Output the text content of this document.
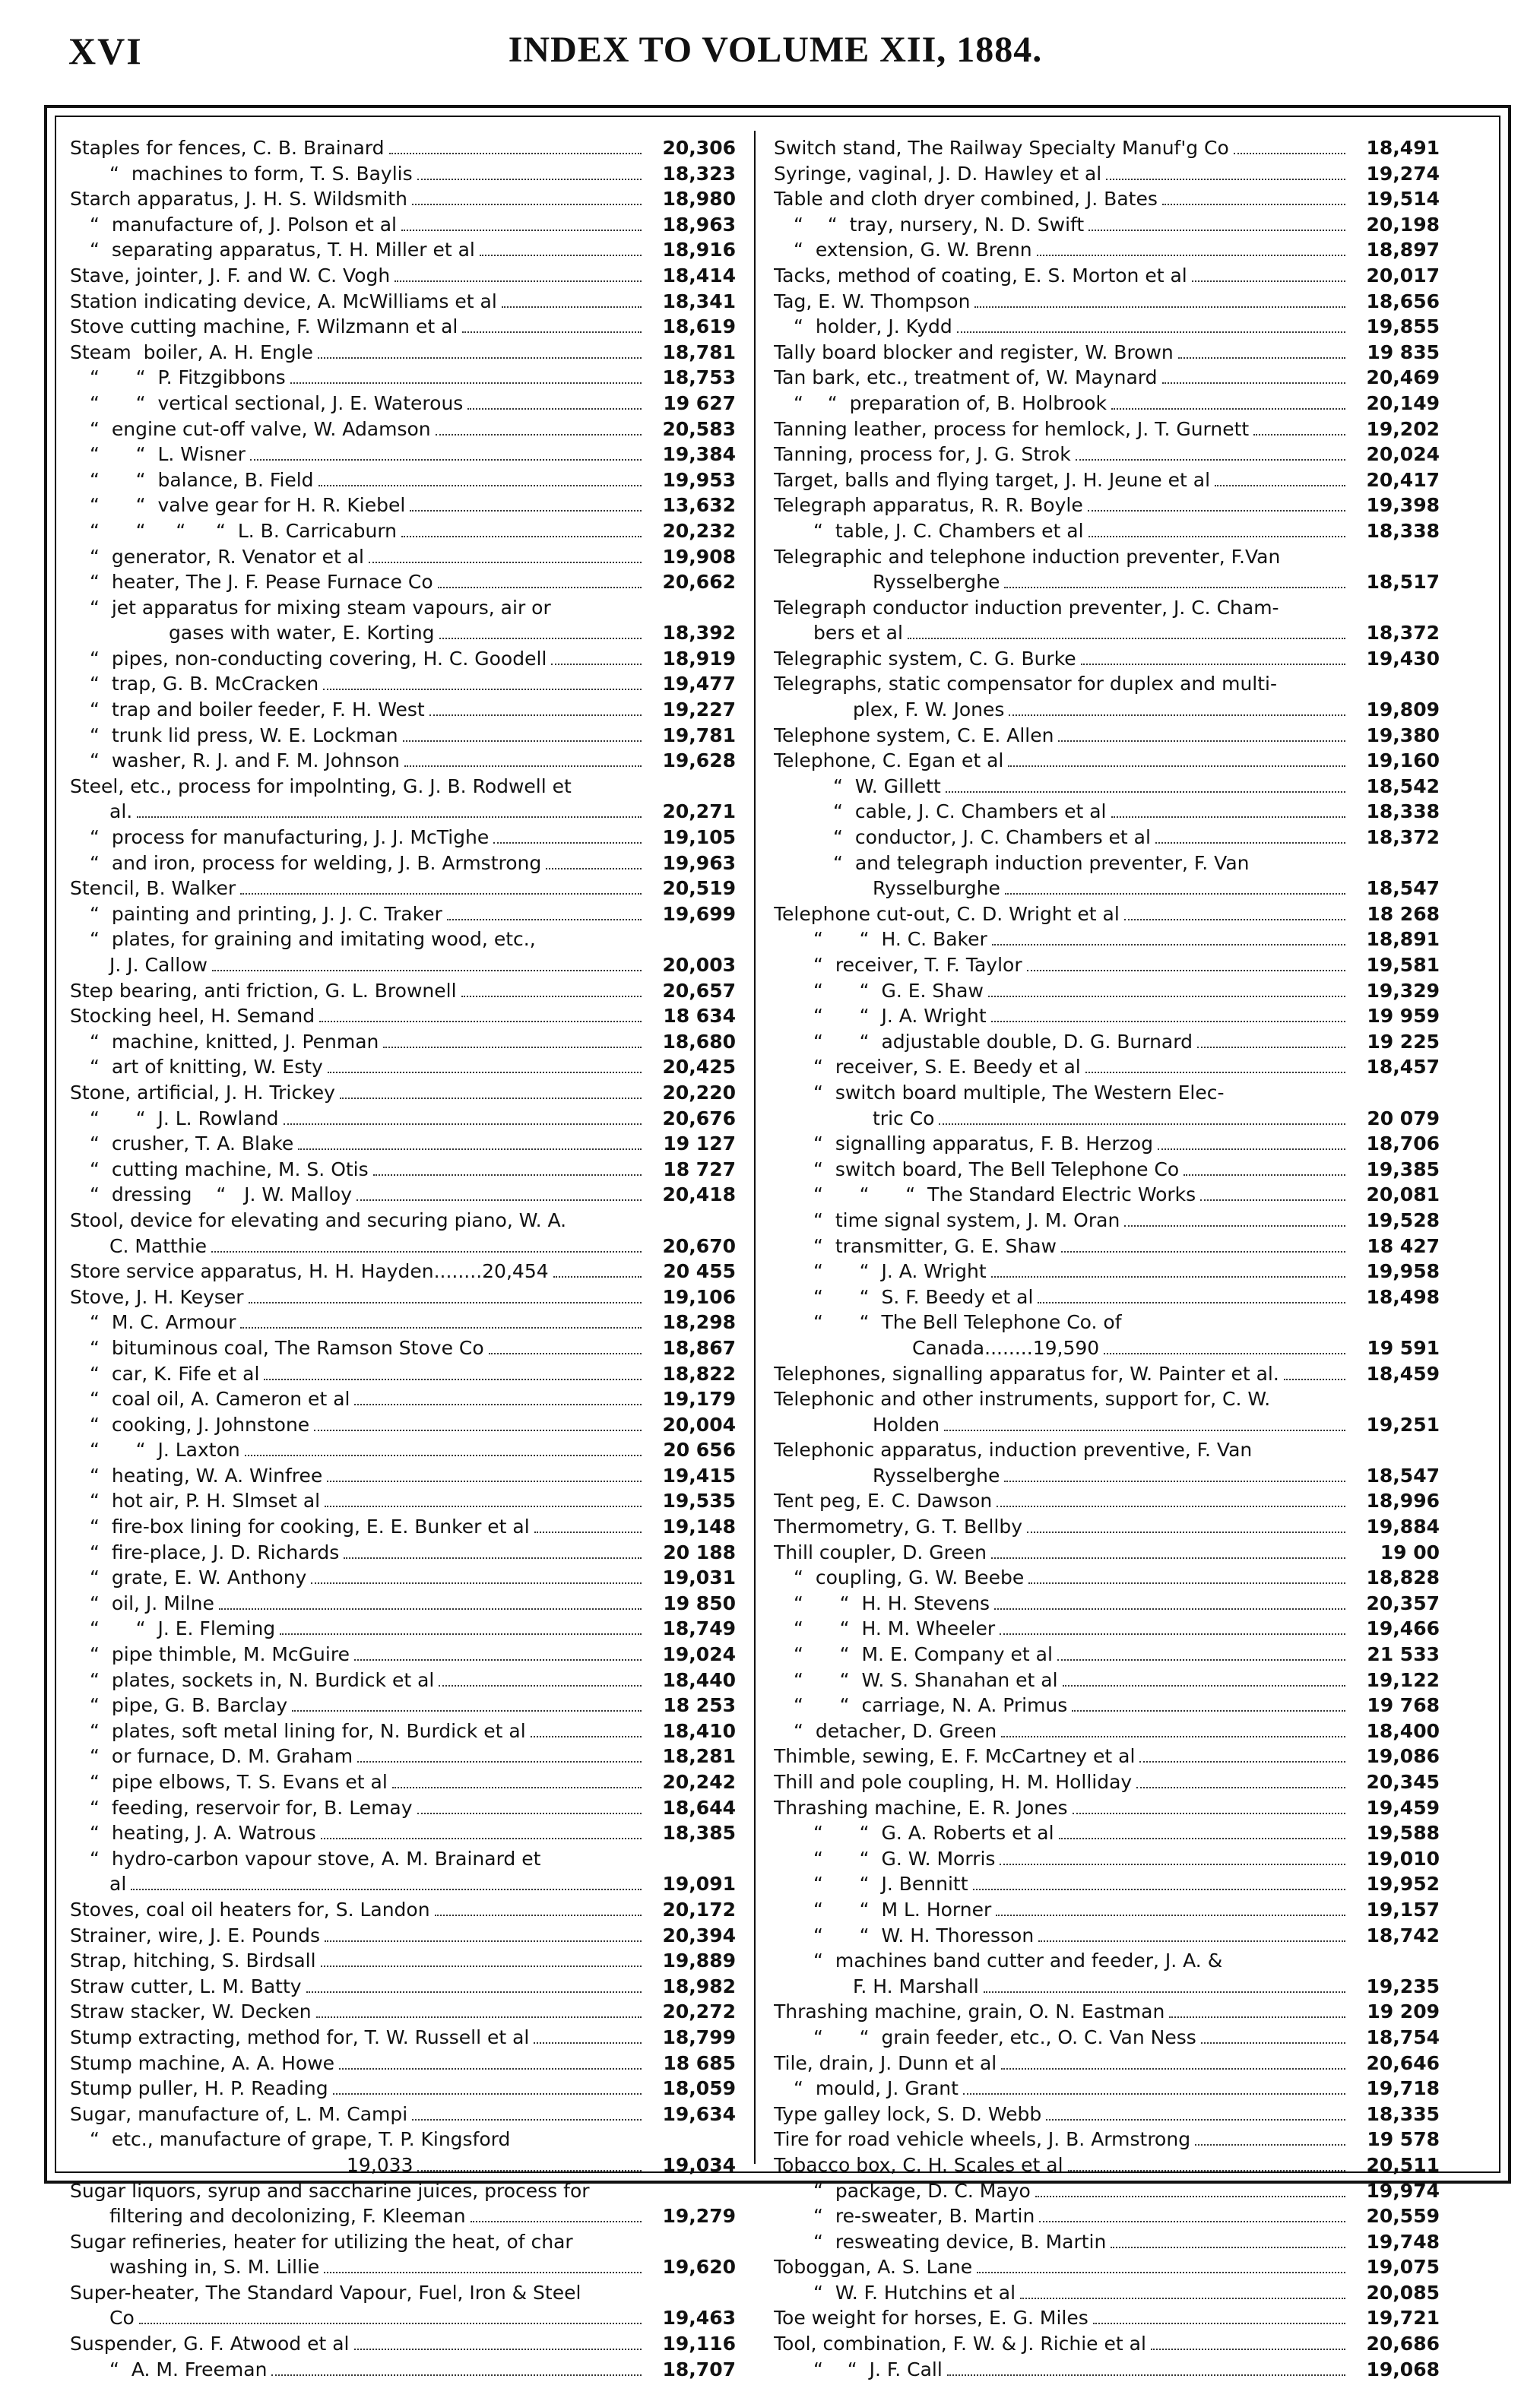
XVI	INDEX TO VOLUME XII, 1884.
Staples for fences, C. B. Brainard	20,306
“  machines to form, T. S. Baylis	18,323
Starch apparatus, J. H. S. Wildsmith	18,980
“  manufacture of, J. Polson et al	18,963
“  separating apparatus, T. H. Miller et al	18,916
Stave, jointer, J. F. and W. C. Vogh	18,414
Station indicating device, A. McWilliams et al	18,341
Stove cutting machine, F. Wilzmann et al	18,619
Steam  boiler, A. H. Engle	18,781
“      “  P. Fitzgibbons	18,753
“      “  vertical sectional, J. E. Waterous	19 627
“  engine cut-off valve, W. Adamson	20,583
“      “  L. Wisner	19,384
“      “  balance, B. Field	19,953
“      “  valve gear for H. R. Kiebel	13,632
“      “     “     “  L. B. Carricaburn	20,232
“  generator, R. Venator et al	19,908
“  heater, The J. F. Pease Furnace Co	20,662
“  jet apparatus for mixing steam vapours, air or
gases with water, E. Korting	18,392
“  pipes, non-conducting covering, H. C. Goodell	18,919
“  trap, G. B. McCracken	19,477
“  trap and boiler feeder, F. H. West	19,227
“  trunk lid press, W. E. Lockman	19,781
“  washer, R. J. and F. M. Johnson	19,628
Steel, etc., process for impolnting, G. J. B. Rodwell et
al.	20,271
“  process for manufacturing, J. J. McTighe	19,105
“  and iron, process for welding, J. B. Armstrong	19,963
Stencil, B. Walker	20,519
“  painting and printing, J. J. C. Traker	19,699
“  plates, for graining and imitating wood, etc.,
J. J. Callow	20,003
Step bearing, anti friction, G. L. Brownell	20,657
Stocking heel, H. Semand	18 634
“  machine, knitted, J. Penman	18,680
“  art of knitting, W. Esty	20,425
Stone, artificial, J. H. Trickey	20,220
“      “  J. L. Rowland	20,676
“  crusher, T. A. Blake	19 127
“  cutting machine, M. S. Otis	18 727
“  dressing    “   J. W. Malloy	20,418
Stool, device for elevating and securing piano, W. A.
C. Matthie	20,670
Store service apparatus, H. H. Hayden........20,454	20 455
Stove, J. H. Keyser	19,106
“  M. C. Armour	18,298
“  bituminous coal, The Ramson Stove Co	18,867
“  car, K. Fife et al	18,822
“  coal oil, A. Cameron et al	19,179
“  cooking, J. Johnstone	20,004
“      “  J. Laxton	20 656
“  heating, W. A. Winfree	19,415
“  hot air, P. H. Slmset al	19,535
“  fire-box lining for cooking, E. E. Bunker et al	19,148
“  fire-place, J. D. Richards	20 188
“  grate, E. W. Anthony	19,031
“  oil, J. Milne	19 850
“      “  J. E. Fleming	18,749
“  pipe thimble, M. McGuire	19,024
“  plates, sockets in, N. Burdick et al	18,440
“  pipe, G. B. Barclay	18 253
“  plates, soft metal lining for, N. Burdick et al	18,410
“  or furnace, D. M. Graham	18,281
“  pipe elbows, T. S. Evans et al	20,242
“  feeding, reservoir for, B. Lemay	18,644
“  heating, J. A. Watrous	18,385
“  hydro-carbon vapour stove, A. M. Brainard et
al	19,091
Stoves, coal oil heaters for, S. Landon	20,172
Strainer, wire, J. E. Pounds	20,394
Strap, hitching, S. Birdsall	19,889
Straw cutter, L. M. Batty	18,982
Straw stacker, W. Decken	20,272
Stump extracting, method for, T. W. Russell et al	18,799
Stump machine, A. A. Howe	18 685
Stump puller, H. P. Reading	18,059
Sugar, manufacture of, L. M. Campi	19,634
“  etc., manufacture of grape, T. P. Kingsford
19,033	19,034
Sugar liquors, syrup and saccharine juices, process for
filtering and decolonizing, F. Kleeman	19,279
Sugar refineries, heater for utilizing the heat, of char
washing in, S. M. Lillie	19,620
Super-heater, The Standard Vapour, Fuel, Iron & Steel
Co	19,463
Suspender, G. F. Atwood et al	19,116
“  A. M. Freeman	18,707
Switch stand, The Railway Specialty Manuf'g Co	18,491
Syringe, vaginal, J. D. Hawley et al	19,274
Table and cloth dryer combined, J. Bates	19,514
“    “  tray, nursery, N. D. Swift	20,198
“  extension, G. W. Brenn	18,897
Tacks, method of coating, E. S. Morton et al	20,017
Tag, E. W. Thompson	18,656
“  holder, J. Kydd	19,855
Tally board blocker and register, W. Brown	19 835
Tan bark, etc., treatment of, W. Maynard	20,469
“    “  preparation of, B. Holbrook	20,149
Tanning leather, process for hemlock, J. T. Gurnett	19,202
Tanning, process for, J. G. Strok	20,024
Target, balls and flying target, J. H. Jeune et al	20,417
Telegraph apparatus, R. R. Boyle	19,398
“  table, J. C. Chambers et al	18,338
Telegraphic and telephone induction preventer, F.Van
Rysselberghe	18,517
Telegraph conductor induction preventer, J. C. Cham-
bers et al	18,372
Telegraphic system, C. G. Burke	19,430
Telegraphs, static compensator for duplex and multi-
plex, F. W. Jones	19,809
Telephone system, C. E. Allen	19,380
Telephone, C. Egan et al	19,160
“  W. Gillett	18,542
“  cable, J. C. Chambers et al	18,338
“  conductor, J. C. Chambers et al	18,372
“  and telegraph induction preventer, F. Van
Rysselburghe	18,547
Telephone cut-out, C. D. Wright et al	18 268
“      “  H. C. Baker	18,891
“  receiver, T. F. Taylor	19,581
“      “  G. E. Shaw	19,329
“      “  J. A. Wright	19 959
“      “  adjustable double, D. G. Burnard	19 225
“  receiver, S. E. Beedy et al	18,457
“  switch board multiple, The Western Elec-
tric Co	20 079
“  signalling apparatus, F. B. Herzog	18,706
“  switch board, The Bell Telephone Co	19,385
“      “      “  The Standard Electric Works	20,081
“  time signal system, J. M. Oran	19,528
“  transmitter, G. E. Shaw	18 427
“      “  J. A. Wright	19,958
“      “  S. F. Beedy et al	18,498
“      “  The Bell Telephone Co. of
Canada........19,590	19 591
Telephones, signalling apparatus for, W. Painter et al.	18,459
Telephonic and other instruments, support for, C. W.
Holden	19,251
Telephonic apparatus, induction preventive, F. Van
Rysselberghe	18,547
Tent peg, E. C. Dawson	18,996
Thermometry, G. T. Bellby	19,884
Thill coupler, D. Green	19 00
“  coupling, G. W. Beebe	18,828
“      “  H. H. Stevens	20,357
“      “  H. M. Wheeler	19,466
“      “  M. E. Company et al	21 533
“      “  W. S. Shanahan et al	19,122
“      “  carriage, N. A. Primus	19 768
“  detacher, D. Green	18,400
Thimble, sewing, E. F. McCartney et al	19,086
Thill and pole coupling, H. M. Holliday	20,345
Thrashing machine, E. R. Jones	19,459
“      “  G. A. Roberts et al	19,588
“      “  G. W. Morris	19,010
“      “  J. Bennitt	19,952
“      “  M L. Horner	19,157
“      “  W. H. Thoresson	18,742
“  machines band cutter and feeder, J. A. &
F. H. Marshall	19,235
Thrashing machine, grain, O. N. Eastman	19 209
“      “  grain feeder, etc., O. C. Van Ness	18,754
Tile, drain, J. Dunn et al	20,646
“  mould, J. Grant	19,718
Type galley lock, S. D. Webb	18,335
Tire for road vehicle wheels, J. B. Armstrong	19 578
Tobacco box, C. H. Scales et al	20,511
“  package, D. C. Mayo	19,974
“  re-sweater, B. Martin	20,559
“  resweating device, B. Martin	19,748
Toboggan, A. S. Lane	19,075
“  W. F. Hutchins et al	20,085
Toe weight for horses, E. G. Miles	19,721
Tool, combination, F. W. & J. Richie et al	20,686
“    “  J. F. Call	19,068
